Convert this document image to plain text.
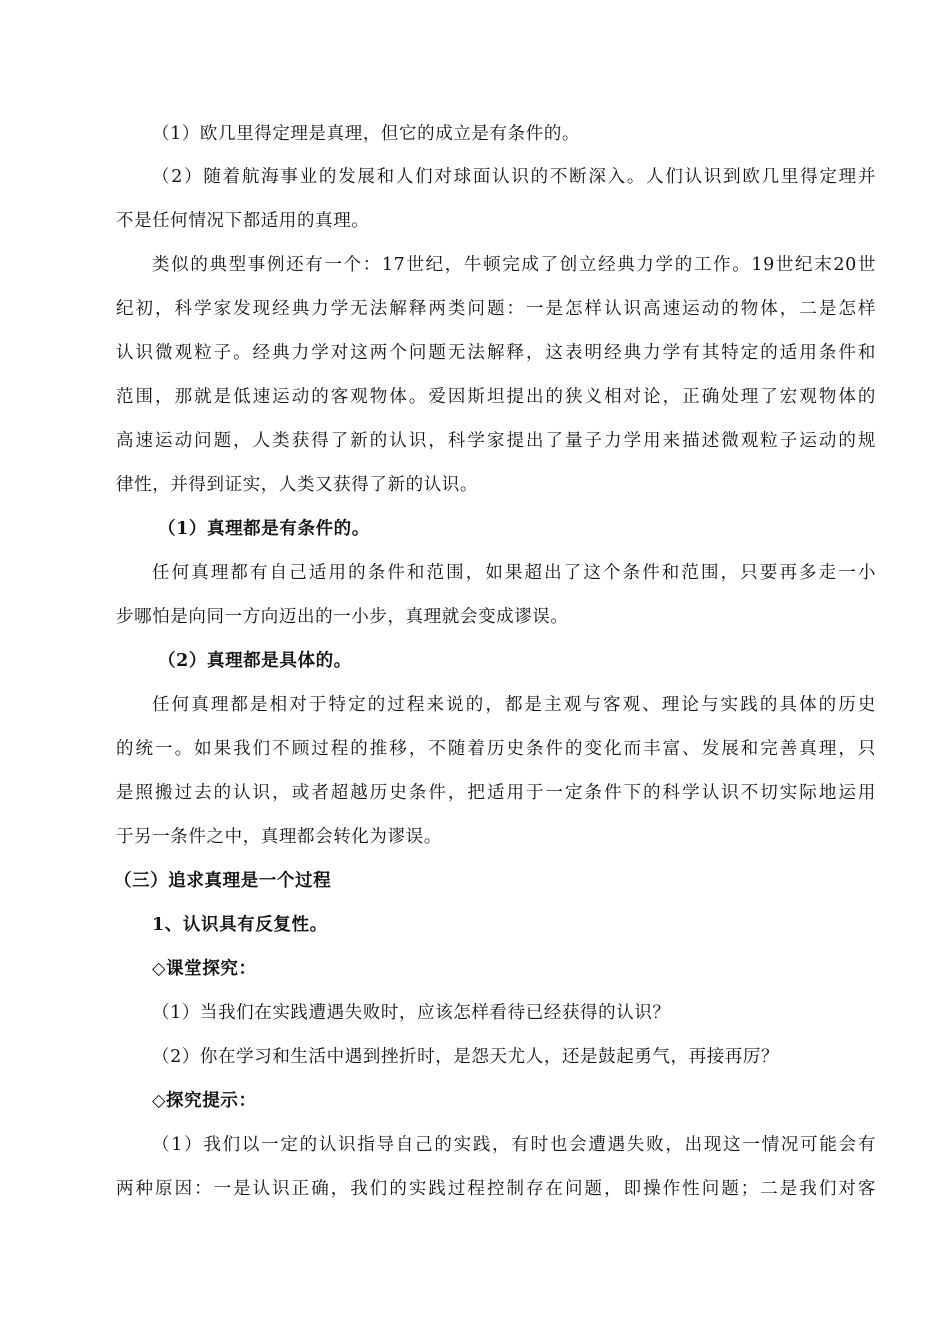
（1）欧几里得定理是真理，但它的成立是有条件的。
（2）随着航海事业的发展和人们对球面认识的不断深入。人们认识到欧几里得定理并
不是任何情况下都适用的真理。
类似的典型事例还有一个：17世纪，牛顿完成了创立经典力学的工作。19世纪末20世
纪初，科学家发现经典力学无法解释两类问题：一是怎样认识高速运动的物体，二是怎样
认识微观粒子。经典力学对这两个问题无法解释，这表明经典力学有其特定的适用条件和
范围，那就是低速运动的客观物体。爱因斯坦提出的狭义相对论，正确处理了宏观物体的
高速运动问题，人类获得了新的认识，科学家提出了量子力学用来描述微观粒子运动的规
律性，并得到证实，人类又获得了新的认识。
（1）真理都是有条件的。
任何真理都有自己适用的条件和范围，如果超出了这个条件和范围，只要再多走一小
步哪怕是向同一方向迈出的一小步，真理就会变成谬误。
（2）真理都是具体的。
任何真理都是相对于特定的过程来说的，都是主观与客观、理论与实践的具体的历史
的统一。如果我们不顾过程的推移，不随着历史条件的变化而丰富、发展和完善真理，只
是照搬过去的认识，或者超越历史条件，把适用于一定条件下的科学认识不切实际地运用
于另一条件之中，真理都会转化为谬误。
（三）追求真理是一个过程
1、认识具有反复性。
◇课堂探究：
（1）当我们在实践遭遇失败时，应该怎样看待已经获得的认识？
（2）你在学习和生活中遇到挫折时，是怨天尤人，还是鼓起勇气，再接再厉？
◇探究提示：
（1）我们以一定的认识指导自己的实践，有时也会遭遇失败，出现这一情况可能会有
两种原因：一是认识正确，我们的实践过程控制存在问题，即操作性问题；二是我们对客
